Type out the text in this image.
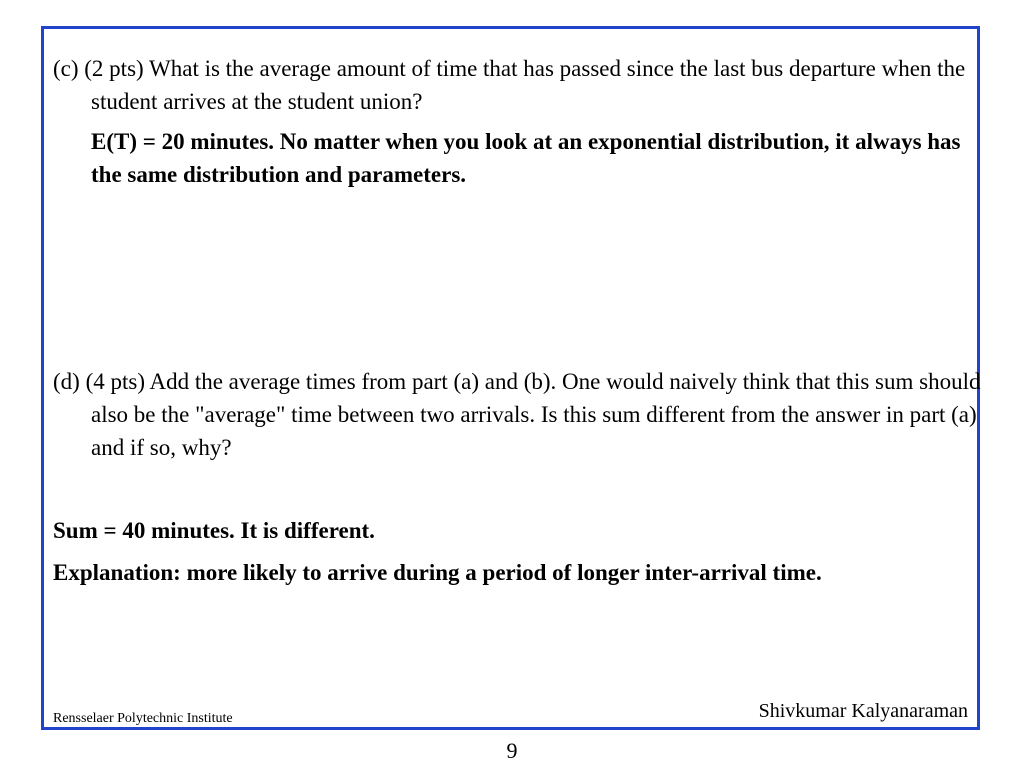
(c) (2 pts) What is the average amount of time that has passed since the last bus departure when the student arrives at the student union?

E(T) = 20 minutes. No matter when you look at an exponential distribution, it always has the same distribution and parameters.

(d) (4 pts) Add the average times from part (a) and (b). One would naively think that this sum should also be the "average" time between two arrivals. Is this sum different from the answer in part (a) and if so, why?

Sum = 40 minutes. It is different.

Explanation: more likely to arrive during a period of longer inter-arrival time.

Rensselaer Polytechnic Institute	Shivkumar Kalyanaraman
9
